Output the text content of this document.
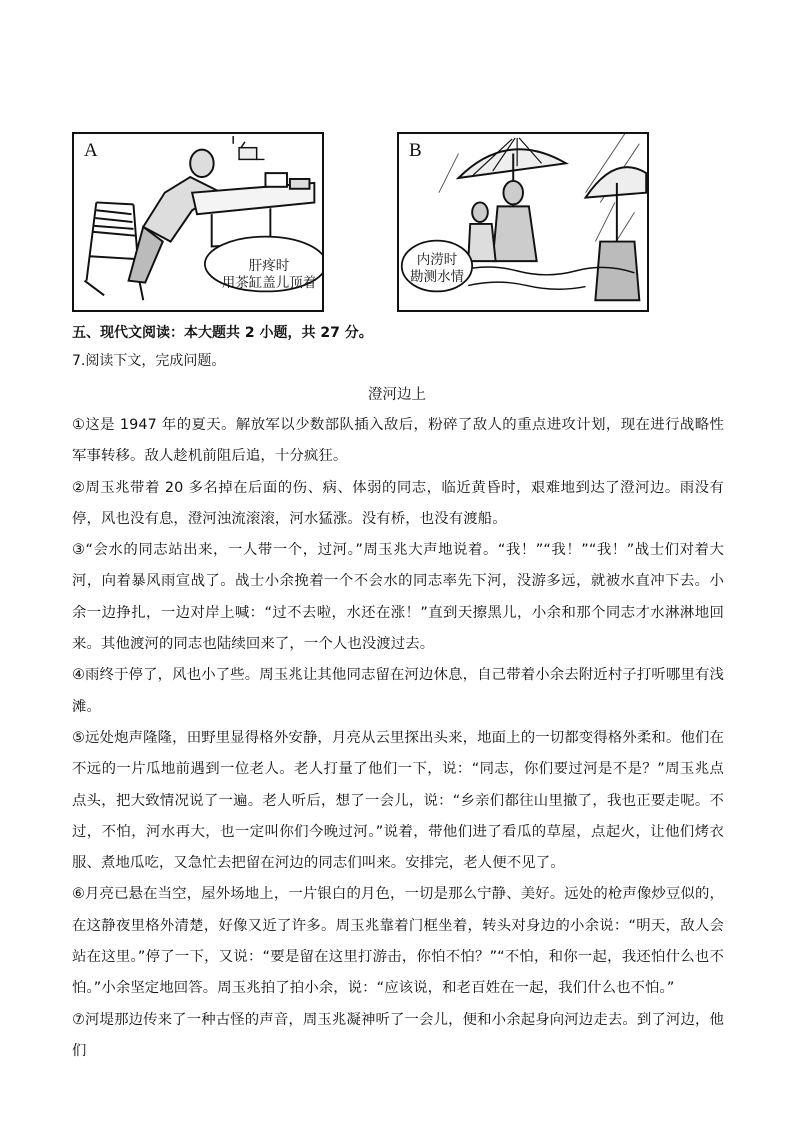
A
肝疼时
用茶缸盖儿顶着
B
内涝时
勘测水情
五、现代文阅读：本大题共 2 小题，共 27 分。
7.阅读下文，完成问题。
澄河边上

①这是 1947 年的夏天。解放军以少数部队插入敌后，粉碎了敌人的重点进攻计划，现在进行战略性军事转移。敌人趁机前阻后追，十分疯狂。

②周玉兆带着 20 多名掉在后面的伤、病、体弱的同志，临近黄昏时，艰难地到达了澄河边。雨没有停，风也没有息，澄河浊流滚滚，河水猛涨。没有桥，也没有渡船。

③“会水的同志站出来，一人带一个，过河。”周玉兆大声地说着。“我！”“我！”“我！”战士们对着大河，向着暴风雨宣战了。战士小余挽着一个不会水的同志率先下河，没游多远，就被水直冲下去。小余一边挣扎，一边对岸上喊：“过不去啦，水还在涨！”直到天擦黑儿，小余和那个同志才水淋淋地回来。其他渡河的同志也陆续回来了，一个人也没渡过去。

④雨终于停了，风也小了些。周玉兆让其他同志留在河边休息，自己带着小余去附近村子打听哪里有浅滩。

⑤远处炮声隆隆，田野里显得格外安静，月亮从云里探出头来，地面上的一切都变得格外柔和。他们在不远的一片瓜地前遇到一位老人。老人打量了他们一下，说：“同志，你们要过河是不是？”周玉兆点点头，把大致情况说了一遍。老人听后，想了一会儿，说：“乡亲们都往山里撤了，我也正要走呢。不过，不怕，河水再大，也一定叫你们今晚过河。”说着，带他们进了看瓜的草屋，点起火，让他们烤衣服、煮地瓜吃，又急忙去把留在河边的同志们叫来。安排完，老人便不见了。

⑥月亮已悬在当空，屋外场地上，一片银白的月色，一切是那么宁静、美好。远处的枪声像炒豆似的，在这静夜里格外清楚，好像又近了许多。周玉兆靠着门框坐着，转头对身边的小余说：“明天，敌人会站在这里。”停了一下，又说：“要是留在这里打游击，你怕不怕？”“不怕，和你一起，我还怕什么也不怕。”小余坚定地回答。周玉兆拍了拍小余，说：“应该说，和老百姓在一起，我们什么也不怕。”

⑦河堤那边传来了一种古怪的声音，周玉兆凝神听了一会儿，便和小余起身向河边走去。到了河边，他们
